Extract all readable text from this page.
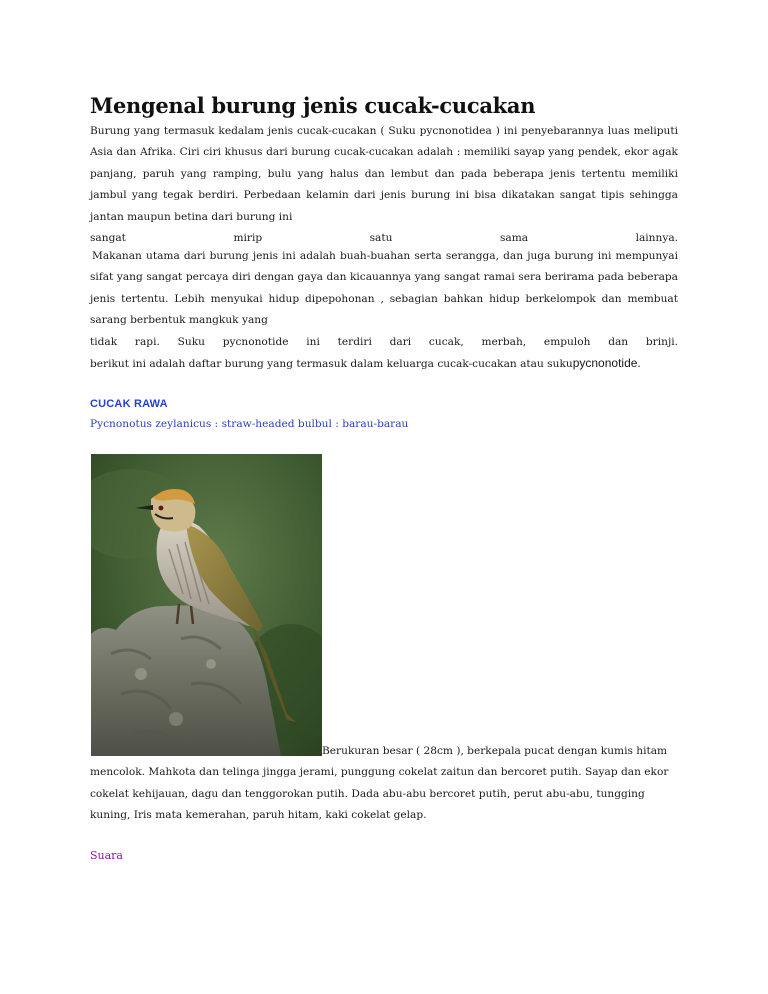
Mengenal burung jenis cucak-cucakan
Burung yang termasuk kedalam jenis cucak-cucakan ( Suku pycnonotidea ) ini penyebarannya luas meliputi Asia dan Afrika. Ciri ciri khusus dari burung cucak-cucakan adalah : memiliki sayap yang pendek, ekor agak panjang, paruh yang ramping, bulu yang halus dan lembut dan pada beberapa jenis tertentu memiliki jambul yang tegak berdiri. Perbedaan kelamin dari jenis burung ini bisa dikatakan sangat tipis sehingga jantan maupun betina dari burung ini
sangat mirip satu sama lainnya.
Makanan utama dari burung jenis ini adalah buah-buahan serta serangga, dan juga burung ini mempunyai sifat yang sangat percaya diri dengan gaya dan kicauannya yang sangat ramai sera berirama pada beberapa jenis tertentu. Lebih menyukai hidup dipepohonan , sebagian bahkan hidup berkelompok dan membuat sarang berbentuk mangkuk yang
tidak rapi. Suku pycnonotide ini terdiri dari cucak, merbah, empuloh dan brinji.
berikut ini adalah daftar burung yang termasuk dalam keluarga cucak-cucakan atau sukupycnonotide.
CUCAK RAWA
Pycnonotus zeylanicus : straw-headed bulbul : barau-barau
Berukuran besar ( 28cm ), berkepala pucat dengan kumis hitam
mencolok. Mahkota dan telinga jingga jerami, punggung cokelat zaitun dan bercoret putih. Sayap dan ekor cokelat kehijauan, dagu dan tenggorokan putih. Dada abu-abu bercoret putih, perut abu-abu, tungging kuning, Iris mata kemerahan, paruh hitam, kaki cokelat gelap.
Suara
